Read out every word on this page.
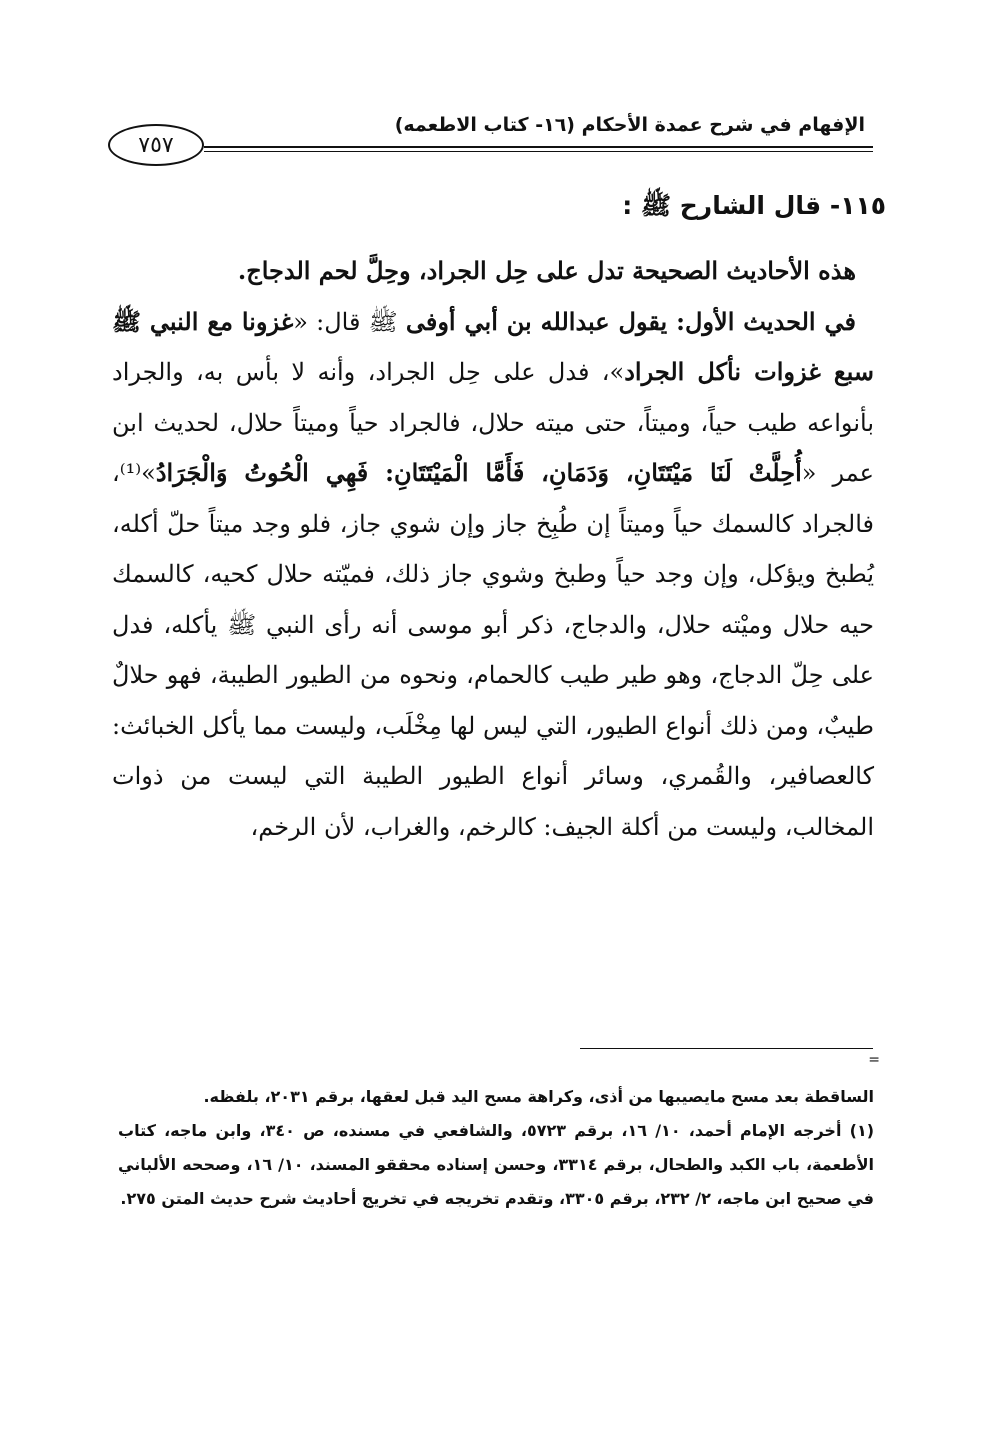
الإفهام في شرح عمدة الأحكام (١٦- كتاب الاطعمه)
٧٥٧
١١٥- قال الشارح ﷺ :

هذه الأحاديث الصحيحة تدل على حِل الجراد، وحِلَّ لحم الدجاج.

في الحديث الأول: يقول عبدالله بن أبي أوفى ﷺ قال: «غزونا مع النبي ﷺ سبع غزوات نأكل الجراد»، فدل على حِل الجراد، وأنه لا بأس به، والجراد بأنواعه طيب حياً، وميتاً، حتى ميته حلال، فالجراد حياً وميتاً حلال، لحديث ابن عمر «أُحِلَّتْ لَنَا مَيْتَتَانِ، وَدَمَانِ، فَأَمَّا الْمَيْتَتَانِ: فَهِي الْحُوتُ وَالْجَرَادُ»⁽¹⁾، فالجراد كالسمك حياً وميتاً إن طُبِخ جاز وإن شوي جاز، فلو وجد ميتاً حلّ أكله، يُطبخ ويؤكل، وإن وجد حياً وطبخ وشوي جاز ذلك، فميّته حلال كحيه، كالسمك حيه حلال وميْته حلال، والدجاج، ذكر أبو موسى أنه رأى النبي ﷺ يأكله، فدل على حِلّ الدجاج، وهو طير طيب كالحمام، ونحوه من الطيور الطيبة، فهو حلالٌ طيبٌ، ومن ذلك أنواع الطيور، التي ليس لها مِخْلَب، وليست مما يأكل الخبائث: كالعصافير، والقُمري، وسائر أنواع الطيور الطيبة التي ليست من ذوات المخالب، وليست من أكلة الجيف: كالرخم، والغراب، لأن الرخم،

=

الساقطة بعد مسح مايصيبها من أذى، وكراهة مسح اليد قبل لعقها، برقم ٢٠٣١، بلفظه.

(١) أخرجه الإمام أحمد، ١٠/ ١٦، برقم ٥٧٢٣، والشافعي في مسنده، ص ٣٤٠، وابن ماجه، كتاب الأطعمة، باب الكبد والطحال، برقم ٣٣١٤، وحسن إسناده محققو المسند، ١٠/ ١٦، وصححه الألباني في صحيح ابن ماجه، ٢/ ٢٣٢، برقم ٣٣٠٥، وتقدم تخريجه في تخريج أحاديث شرح حديث المتن ٢٧٥.
